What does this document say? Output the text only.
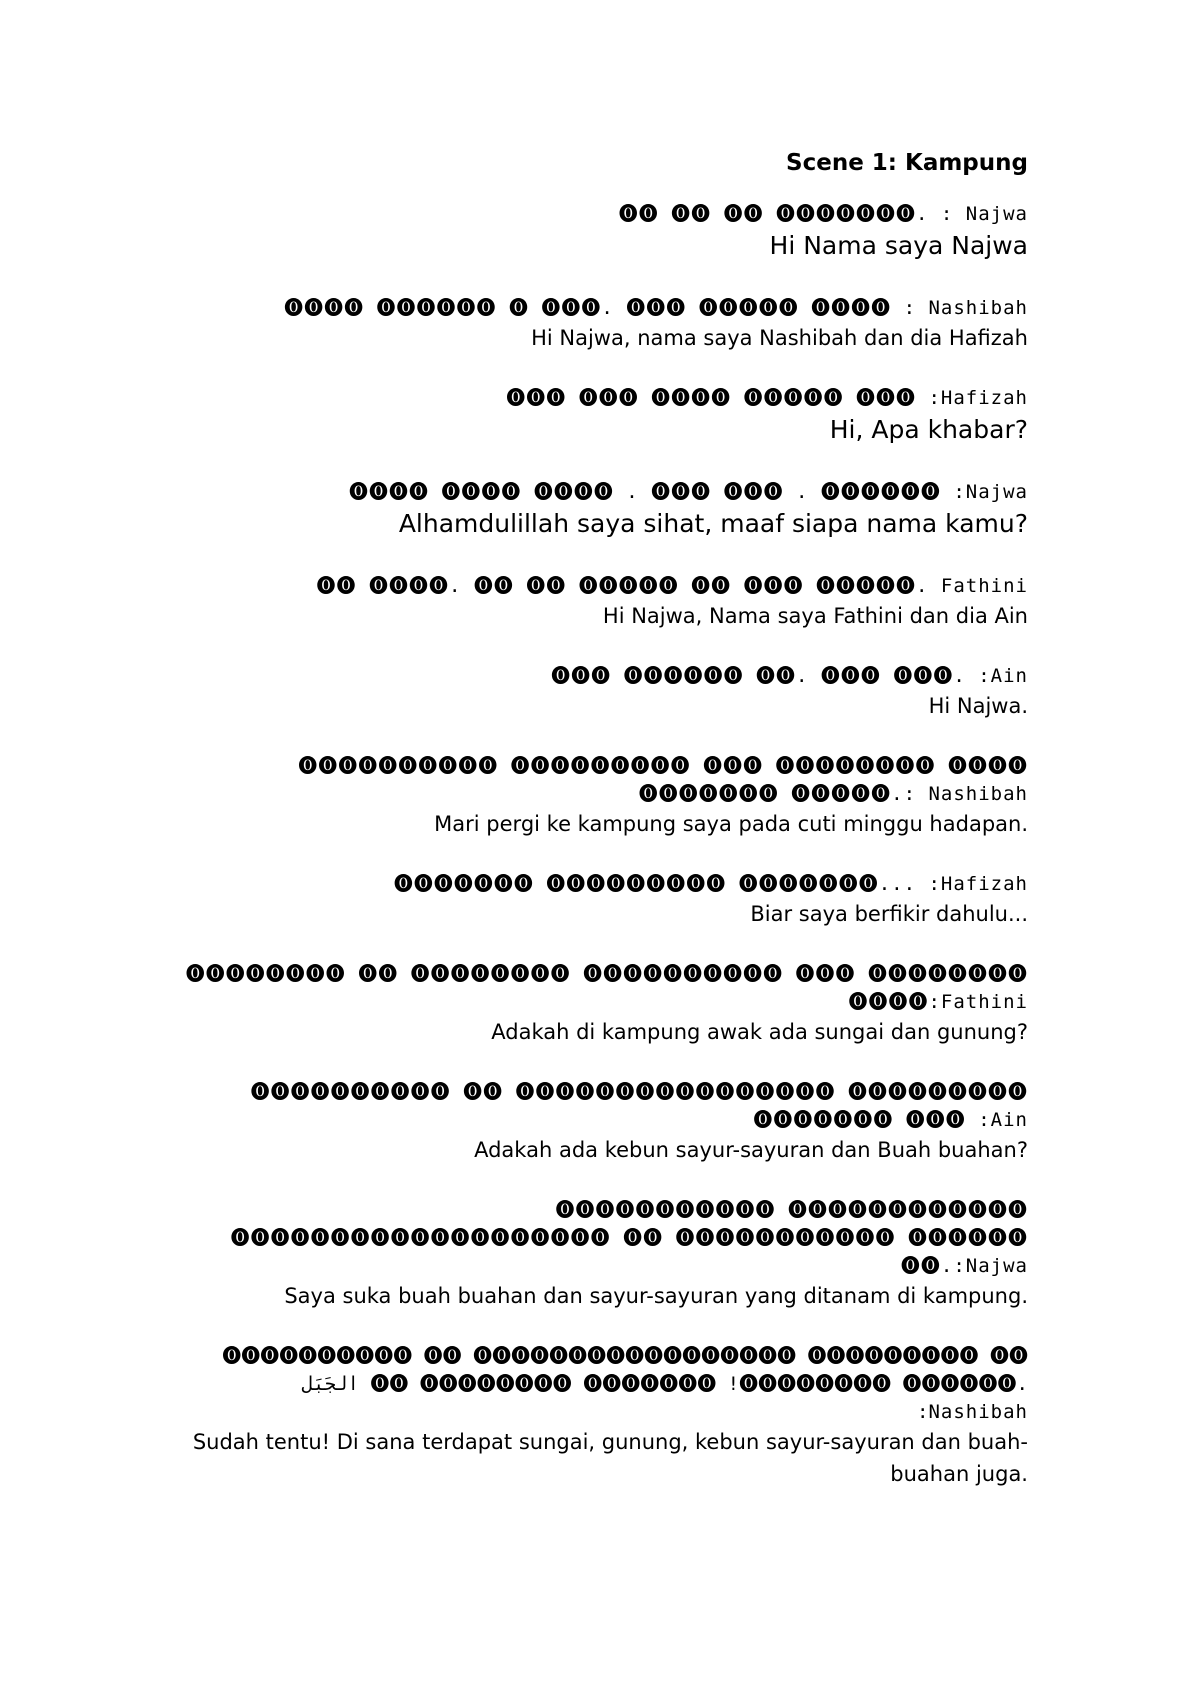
Scene 1: Kampung
⓿⓿ ⓿⓿ ⓿⓿ ⓿⓿⓿⓿⓿⓿⓿. : Najwa
Hi Nama saya Najwa
⓿⓿⓿⓿ ⓿⓿⓿⓿⓿⓿ ⓿ ⓿⓿⓿. ⓿⓿⓿ ⓿⓿⓿⓿⓿ ⓿⓿⓿⓿ : Nashibah
Hi Najwa, nama saya Nashibah dan dia Hafizah
⓿⓿⓿ ⓿⓿⓿ ⓿⓿⓿⓿ ⓿⓿⓿⓿⓿ ⓿⓿⓿ :Hafizah
Hi, Apa khabar?
⓿⓿⓿⓿ ⓿⓿⓿⓿ ⓿⓿⓿⓿ . ⓿⓿⓿ ⓿⓿⓿ . ⓿⓿⓿⓿⓿⓿ :Najwa
Alhamdulillah saya sihat, maaf siapa nama kamu?
⓿⓿ ⓿⓿⓿⓿. ⓿⓿ ⓿⓿ ⓿⓿⓿⓿⓿ ⓿⓿ ⓿⓿⓿ ⓿⓿⓿⓿⓿. Fathini
Hi Najwa, Nama saya Fathini dan dia Ain
⓿⓿⓿ ⓿⓿⓿⓿⓿⓿ ⓿⓿. ⓿⓿⓿ ⓿⓿⓿. :Ain
Hi Najwa.
⓿⓿⓿⓿⓿⓿⓿⓿⓿⓿ ⓿⓿⓿⓿⓿⓿⓿⓿⓿ ⓿⓿⓿ ⓿⓿⓿⓿⓿⓿⓿⓿ ⓿⓿⓿⓿ ⓿⓿⓿⓿⓿⓿⓿ ⓿⓿⓿⓿⓿.: Nashibah
Mari pergi ke kampung saya pada cuti minggu hadapan.
⓿⓿⓿⓿⓿⓿⓿ ⓿⓿⓿⓿⓿⓿⓿⓿⓿ ⓿⓿⓿⓿⓿⓿⓿... :Hafizah
Biar saya berfikir dahulu...
⓿⓿⓿⓿⓿⓿⓿⓿ ⓿⓿ ⓿⓿⓿⓿⓿⓿⓿⓿ ⓿⓿⓿⓿⓿⓿⓿⓿⓿⓿ ⓿⓿⓿ ⓿⓿⓿⓿⓿⓿⓿⓿ ⓿⓿⓿⓿:Fathini
Adakah di kampung awak ada sungai dan gunung?
⓿⓿⓿⓿⓿⓿⓿⓿⓿⓿ ⓿⓿ ⓿⓿⓿⓿⓿⓿⓿⓿⓿⓿⓿⓿⓿⓿⓿⓿ ⓿⓿⓿⓿⓿⓿⓿⓿⓿ ⓿⓿⓿⓿⓿⓿⓿ ⓿⓿⓿ :Ain
Adakah ada kebun sayur-sayuran dan Buah buahan?
⓿⓿⓿⓿⓿⓿⓿⓿⓿⓿⓿ ⓿⓿⓿⓿⓿⓿⓿⓿⓿⓿⓿⓿ ⓿⓿⓿⓿⓿⓿⓿⓿⓿⓿⓿⓿⓿⓿⓿⓿⓿⓿⓿ ⓿⓿ ⓿⓿⓿⓿⓿⓿⓿⓿⓿⓿⓿ ⓿⓿⓿⓿⓿⓿ ⓿⓿.:Najwa
Saya suka buah buahan dan sayur-sayuran yang ditanam di kampung.
⓿⓿⓿⓿⓿⓿⓿⓿⓿⓿ ⓿⓿ ⓿⓿⓿⓿⓿⓿⓿⓿⓿⓿⓿⓿⓿⓿⓿⓿⓿ ⓿⓿⓿⓿⓿⓿⓿⓿⓿ ⓿⓿ الجَبَل ⓿⓿ ⓿⓿⓿⓿⓿⓿⓿⓿ ⓿⓿⓿⓿⓿⓿⓿ !⓿⓿⓿⓿⓿⓿⓿⓿ ⓿⓿⓿⓿⓿⓿. :Nashibah
Sudah tentu! Di sana terdapat sungai, gunung, kebun sayur-sayuran dan buah-buahan juga.
